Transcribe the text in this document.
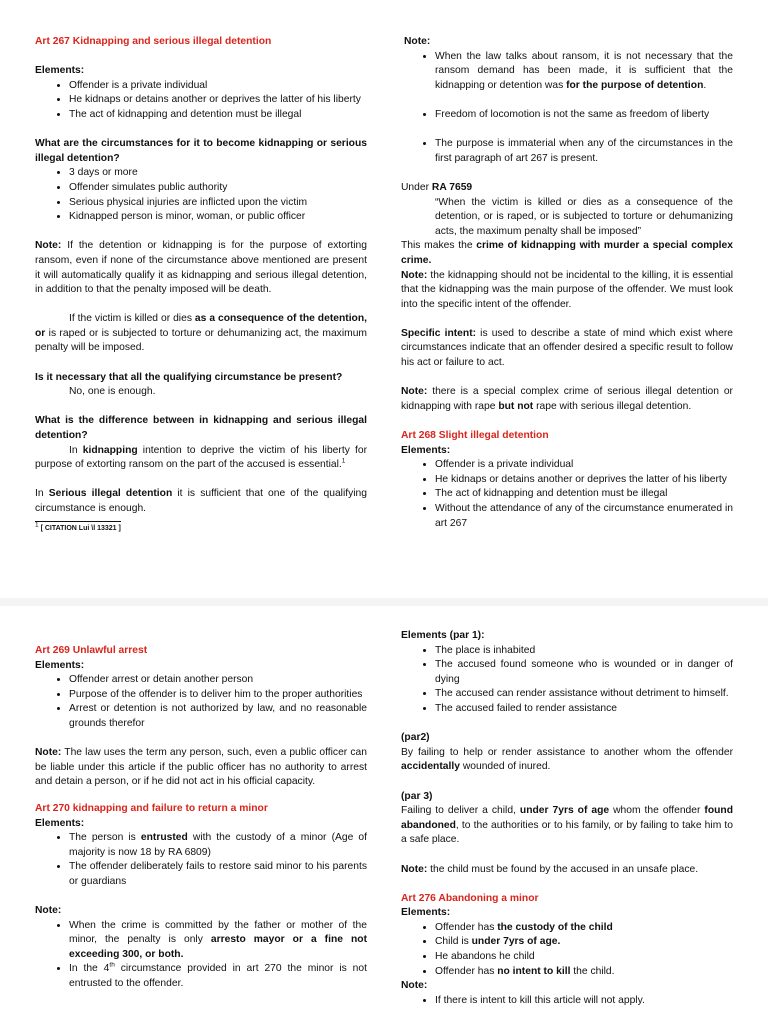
Art 267 Kidnapping and serious illegal detention

Elements:

• Offender is a private individual
• He kidnaps or detains another or deprives the latter of his liberty
• The act of kidnapping and detention must be illegal

What are the circumstances for it to become kidnapping or serious illegal detention?

• 3 days or more
• Offender simulates public authority
• Serious physical injuries are inflicted upon the victim
• Kidnapped person is minor, woman, or public officer

Note: If the detention or kidnapping is for the purpose of extorting ransom, even if none of the circumstance above mentioned are present it will automatically qualify it as kidnapping and serious illegal detention, in addition to that the penalty imposed will be death.

If the victim is killed or dies as a consequence of the detention, or is raped or is subjected to torture or dehumanizing act, the maximum penalty will be imposed.

Is it necessary that all the qualifying circumstance be present?

No, one is enough.

What is the difference between in kidnapping and serious illegal detention?

In kidnapping intention to deprive the victim of his liberty for purpose of extorting ransom on the part of the accused is essential.$^1$

In Serious illegal detention it is sufficient that one of the qualifying circumstance is enough.

$^1$ [ CITATION Lui \l 13321 ]

Note:

• When the law talks about ransom, it is not necessary that the ransom demand has been made, it is sufficient that the kidnapping or detention was for the purpose of detention.
• Freedom of locomotion is not the same as freedom of liberty
• The purpose is immaterial when any of the circumstances in the first paragraph of art 267 is present.

Under RA 7659

“When the victim is killed or dies as a consequence of the detention, or is raped, or is subjected to torture or dehumanizing acts, the maximum penalty shall be imposed”

This makes the crime of kidnapping with murder a special complex crime.

Note: the kidnapping should not be incidental to the killing, it is essential that the kidnapping was the main purpose of the offender. We must look into the specific intent of the offender.

Specific intent: is used to describe a state of mind which exist where circumstances indicate that an offender desired a specific result to follow his act or failure to act.

Note: there is a special complex crime of serious illegal detention or kidnapping with rape but not rape with serious illegal detention.

Art 268 Slight illegal detention

Elements:

• Offender is a private individual
• He kidnaps or detains another or deprives the latter of his liberty
• The act of kidnapping and detention must be illegal
• Without the attendance of any of the circumstance enumerated in art 267

Art 269 Unlawful arrest

Elements:

• Offender arrest or detain another person
• Purpose of the offender is to deliver him to the proper authorities
• Arrest or detention is not authorized by law, and no reasonable grounds therefor

Note: The law uses the term any person, such, even a public officer can be liable under this article if the public officer has no authority to arrest and detain a person, or if he did not act in his official capacity.

Art 270 kidnapping and failure to return a minor

Elements:

• The person is entrusted with the custody of a minor (Age of majority is now 18 by RA 6809)
• The offender deliberately fails to restore said minor to his parents or guardians

Note:

• When the crime is committed by the father or mother of the minor, the penalty is only arresto mayor or a fine not exceeding 300, or both.
• In the 4th circumstance provided in art 270 the minor is not entrusted to the offender.

Elements (par 1):

• The place is inhabited
• The accused found someone who is wounded or in danger of dying
• The accused can render assistance without detriment to himself.
• The accused failed to render assistance

(par2)

By failing to help or render assistance to another whom the offender accidentally wounded of inured.

(par 3)

Failing to deliver a child, under 7yrs of age whom the offender found abandoned, to the authorities or to his family, or by failing to take him to a safe place.

Note: the child must be found by the accused in an unsafe place.

Art 276 Abandoning a minor

Elements:

• Offender has the custody of the child
• Child is under 7yrs of age.
• He abandons he child
• Offender has no intent to kill the child.

Note:

• If there is intent to kill this article will not apply.
